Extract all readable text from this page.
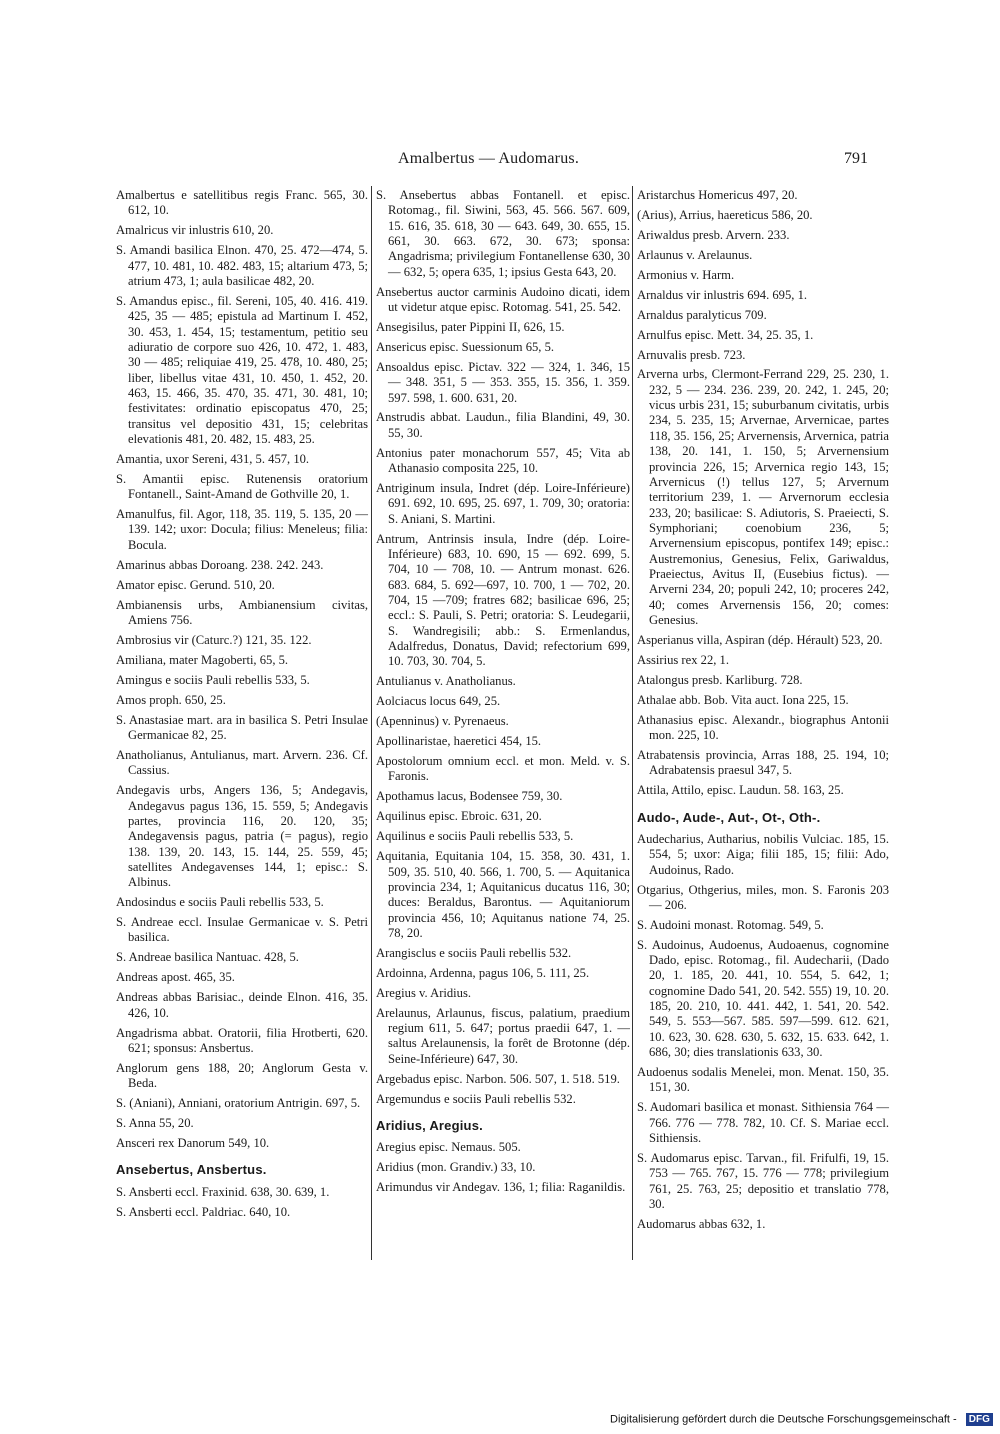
Amalbertus — Audomarus.	791
Amalbertus e satellitibus regis Franc. 565, 30. 612, 10.
Amalricus vir inlustris 610, 20.
S. Amandi basilica Elnon. 470, 25. 472—474, 5. 477, 10. 481, 10. 482. 483, 15; altarium 473, 5; atrium 473, 1; aula basilicae 482, 20.
S. Amandus episc., fil. Sereni, 105, 40. 416. 419. 425, 35 — 485; epistula ad Martinum I. 452, 30. 453, 1. 454, 15; testamentum, petitio seu adiuratio de corpore suo 426, 10. 472, 1. 483, 30 — 485; reliquiae 419, 25. 478, 10. 480, 25; liber, libellus vitae 431, 10. 450, 1. 452, 20. 463, 15. 466, 35. 470, 35. 471, 30. 481, 10; festivitates: ordinatio episcopatus 470, 25; transitus vel depositio 431, 15; celebritas elevationis 481, 20. 482, 15. 483, 25.
Amantia, uxor Sereni, 431, 5. 457, 10.
S. Amantii episc. Rutenensis oratorium Fontanell., Saint-Amand de Gothville 20, 1.
Amanulfus, fil. Agor, 118, 35. 119, 5. 135, 20 — 139. 142; uxor: Docula; filius: Meneleus; filia: Bocula.
Amarinus abbas Doroang. 238. 242. 243.
Amator episc. Gerund. 510, 20.
Ambianensis urbs, Ambianensium civitas, Amiens 756.
Ambrosius vir (Caturc.?) 121, 35. 122.
Amiliana, mater Magoberti, 65, 5.
Amingus e sociis Pauli rebellis 533, 5.
Amos proph. 650, 25.
S. Anastasiae mart. ara in basilica S. Petri Insulae Germanicae 82, 25.
Anatholianus, Antulianus, mart. Arvern. 236. Cf. Cassius.
Andegavis urbs, Angers 136, 5; Andegavis, Andegavus pagus 136, 15. 559, 5; Andegavis partes, provincia 116, 20. 120, 35; Andegavensis pagus, patria (= pagus), regio 138. 139, 20. 143, 15. 144, 25. 559, 45; satellites Andegavenses 144, 1; episc.: S. Albinus.
Andosindus e sociis Pauli rebellis 533, 5.
S. Andreae eccl. Insulae Germanicae v. S. Petri basilica.
S. Andreae basilica Nantuac. 428, 5.
Andreas apost. 465, 35.
Andreas abbas Barisiac., deinde Elnon. 416, 35. 426, 10.
Angadrisma abbat. Oratorii, filia Hrotberti, 620. 621; sponsus: Ansbertus.
Anglorum gens 188, 20; Anglorum Gesta v. Beda.
S. (Aniani), Anniani, oratorium Antrigin. 697, 5.
S. Anna 55, 20.
Ansceri rex Danorum 549, 10.
Ansebertus, Ansbertus.
S. Ansberti eccl. Fraxinid. 638, 30. 639, 1.
S. Ansberti eccl. Paldriac. 640, 10.
S. Ansebertus abbas Fontanell. et episc. Rotomag., fil. Siwini, 563, 45. 566. 567. 609, 15. 616, 35. 618, 30 — 643. 649, 30. 655, 15. 661, 30. 663. 672, 30. 673; sponsa: Angadrisma; privilegium Fontanellense 630, 30 — 632, 5; opera 635, 1; ipsius Gesta 643, 20.
Ansebertus auctor carminis Audoino dicati, idem ut videtur atque episc. Rotomag. 541, 25. 542.
Ansegisilus, pater Pippini II, 626, 15.
Ansericus episc. Suessionum 65, 5.
Ansoaldus episc. Pictav. 322 — 324, 1. 346, 15 — 348. 351, 5 — 353. 355, 15. 356, 1. 359. 597. 598, 1. 600. 631, 20.
Anstrudis abbat. Laudun., filia Blandini, 49, 30. 55, 30.
Antonius pater monachorum 557, 45; Vita ab Athanasio composita 225, 10.
Antriginum insula, Indret (dép. Loire-Inférieure) 691. 692, 10. 695, 25. 697, 1. 709, 30; oratoria: S. Aniani, S. Martini.
Antrum, Antrinsis insula, Indre (dép. Loire-Inférieure) 683, 10. 690, 15 — 692. 699, 5. 704, 10 — 708, 10. — Antrum monast. 626. 683. 684, 5. 692—697, 10. 700, 1 — 702, 20. 704, 15 —709; fratres 682; basilicae 696, 25; eccl.: S. Pauli, S. Petri; oratoria: S. Leudegarii, S. Wandregisili; abb.: S. Ermenlandus, Adalfredus, Donatus, David; refectorium 699, 10. 703, 30. 704, 5.
Antulianus v. Anatholianus.
Aolciacus locus 649, 25.
(Apenninus) v. Pyrenaeus.
Apollinaristae, haeretici 454, 15.
Apostolorum omnium eccl. et mon. Meld. v. S. Faronis.
Apothamus lacus, Bodensee 759, 30.
Aquilinus episc. Ebroic. 631, 20.
Aquilinus e sociis Pauli rebellis 533, 5.
Aquitania, Equitania 104, 15. 358, 30. 431, 1. 509, 35. 510, 40. 566, 1. 700, 5. — Aquitanica provincia 234, 1; Aquitanicus ducatus 116, 30; duces: Beraldus, Barontus. — Aquitaniorum provincia 456, 10; Aquitanus natione 74, 25. 78, 20.
Arangisclus e sociis Pauli rebellis 532.
Ardoinna, Ardenna, pagus 106, 5. 111, 25.
Aregius v. Aridius.
Arelaunus, Arlaunus, fiscus, palatium, praedium regium 611, 5. 647; portus praedii 647, 1. — saltus Arelaunensis, la forêt de Brotonne (dép. Seine-Inférieure) 647, 30.
Argebadus episc. Narbon. 506. 507, 1. 518. 519.
Argemundus e sociis Pauli rebellis 532.
Aridius, Aregius.
Aregius episc. Nemaus. 505.
Aridius (mon. Grandiv.) 33, 10.
Arimundus vir Andegav. 136, 1; filia: Raganildis.
Aristarchus Homericus 497, 20.
(Arius), Arrius, haereticus 586, 20.
Ariwaldus presb. Arvern. 233.
Arlaunus v. Arelaunus.
Armonius v. Harm.
Arnaldus vir inlustris 694. 695, 1.
Arnaldus paralyticus 709.
Arnulfus episc. Mett. 34, 25. 35, 1.
Arnuvalis presb. 723.
Arverna urbs, Clermont-Ferrand 229, 25. 230, 1. 232, 5 — 234. 236. 239, 20. 242, 1. 245, 20; vicus urbis 231, 15; suburbanum civitatis, urbis 234, 5. 235, 15; Arvernae, Arvernicae, partes 118, 35. 156, 25; Arvernensis, Arvernica, patria 138, 20. 141, 1. 150, 5; Arvernensium provincia 226, 15; Arvernica regio 143, 15; Arvernicus (!) tellus 127, 5; Arvernum territorium 239, 1. — Arvernorum ecclesia 233, 20; basilicae: S. Adiutoris, S. Praeiecti, S. Symphoriani; coenobium 236, 5; Arvernensium episcopus, pontifex 149; episc.: Austremonius, Genesius, Felix, Gariwaldus, Praeiectus, Avitus II, (Eusebius fictus). — Arverni 234, 20; populi 242, 10; proceres 242, 40; comes Arvernensis 156, 20; comes: Genesius.
Asperianus villa, Aspiran (dép. Hérault) 523, 20.
Assirius rex 22, 1.
Atalongus presb. Karliburg. 728.
Athalae abb. Bob. Vita auct. Iona 225, 15.
Athanasius episc. Alexandr., biographus Antonii mon. 225, 10.
Atrabatensis provincia, Arras 188, 25. 194, 10; Adrabatensis praesul 347, 5.
Attila, Attilo, episc. Laudun. 58. 163, 25.
Audo-, Aude-, Aut-, Ot-, Oth-.
Audecharius, Autharius, nobilis Vulciac. 185, 15. 554, 5; uxor: Aiga; filii 185, 15; filii: Ado, Audoinus, Rado.
Otgarius, Othgerius, miles, mon. S. Faronis 203 — 206.
S. Audoini monast. Rotomag. 549, 5.
S. Audoinus, Audoenus, Audoaenus, cognomine Dado, episc. Rotomag., fil. Audecharii, (Dado 20, 1. 185, 20. 441, 10. 554, 5. 642, 1; cognomine Dado 541, 20. 542. 555) 19, 10. 20. 185, 20. 210, 10. 441. 442, 1. 541, 20. 542. 549, 5. 553—567. 585. 597—599. 612. 621, 10. 623, 30. 628. 630, 5. 632, 15. 633. 642, 1. 686, 30; dies translationis 633, 30.
Audoenus sodalis Menelei, mon. Menat. 150, 35. 151, 30.
S. Audomari basilica et monast. Sithiensia 764 — 766. 776 — 778. 782, 10. Cf. S. Mariae eccl. Sithiensis.
S. Audomarus episc. Tarvan., fil. Frifulfi, 19, 15. 753 — 765. 767, 15. 776 — 778; privilegium 761, 25. 763, 25; depositio et translatio 778, 30.
Audomarus abbas 632, 1.
Digitalisierung gefördert durch die Deutsche Forschungsgemeinschaft - DFG
